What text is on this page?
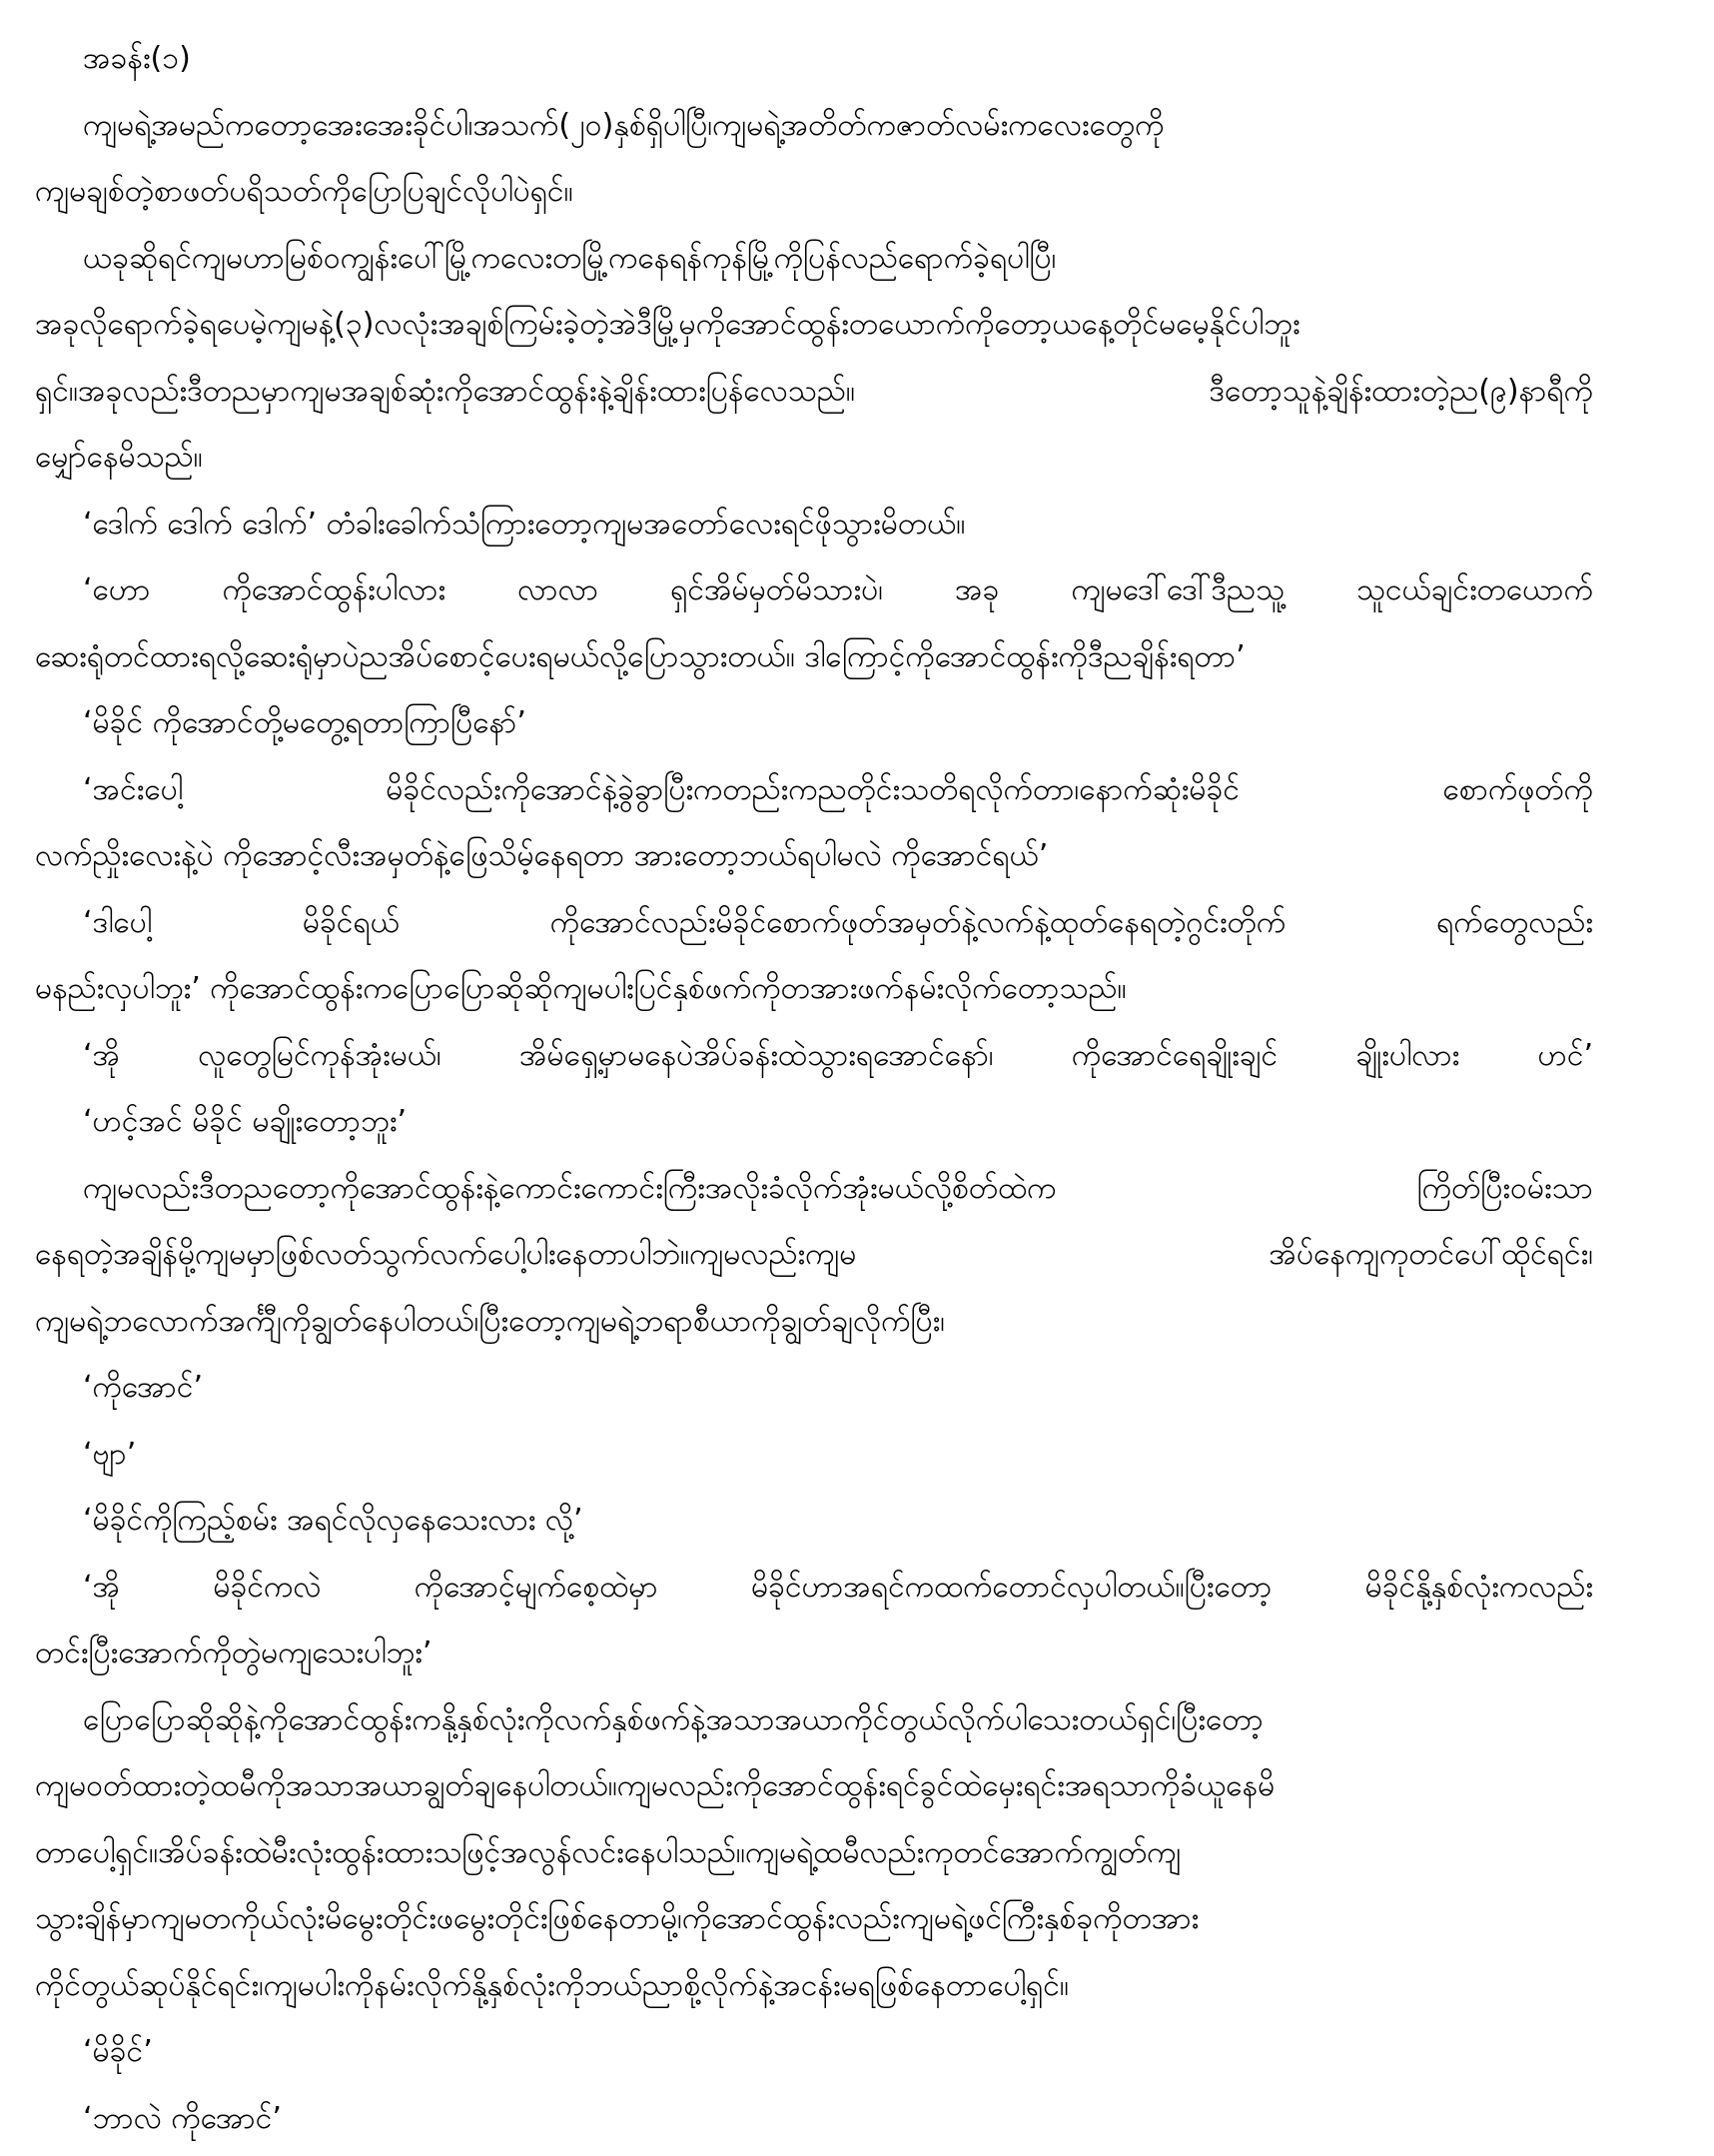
အခန်း(၁)
ကျမရဲ့အမည်ကတော့အေးအေးခိုင်ပါ၊အသက်(၂၀)နှစ်ရှိပါပြီ၊ကျမရဲ့အတိတ်ကဇာတ်လမ်းကလေးတွေကို
ကျမချစ်တဲ့စာဖတ်ပရိသတ်ကိုပြောပြချင်လိုပါပဲရှင်။
ယခုဆိုရင်ကျမဟာမြစ်ဝကျွန်းပေါ်မြို့ကလေးတမြို့ကနေရန်ကုန်မြို့ကိုပြန်လည်ရောက်ခဲ့ရပါပြီ၊
အခုလိုရောက်ခဲ့ရပေမဲ့ကျမနဲ့(၃)လလုံးအချစ်ကြမ်းခဲ့တဲ့အဲဒီမြို့မှကိုအောင်ထွန်းတယောက်ကိုတော့ယနေ့တိုင်မမေ့နိုင်ပါဘူး
ရှင်။အခုလည်းဒီတညမှာကျမအချစ်ဆုံးကိုအောင်ထွန်းနဲ့ချိန်းထားပြန်လေသည်။ ဒီတော့သူနဲ့ချိန်းထားတဲ့ည(၉)နာရီကို
မျှော်နေမိသည်။
‘ဒေါက် ဒေါက် ဒေါက်’ တံခါးခေါက်သံကြားတော့ကျမအတော်လေးရင်ဖိုသွားမိတယ်။
‘ဟော ကိုအောင်ထွန်းပါလား လာလာ ရှင်အိမ်မှတ်မိသားပဲ၊ အခု ကျမဒေါ်ဒေါ်ဒီညသူ့ သူငယ်ချင်းတယောက်
ဆေးရုံတင်ထားရလို့ဆေးရုံမှာပဲညအိပ်စောင့်ပေးရမယ်လို့ပြောသွားတယ်။ ဒါကြောင့်ကိုအောင်ထွန်းကိုဒီညချိန်းရတာ’
‘မိခိုင် ကိုအောင်တို့မတွေ့ရတာကြာပြီနော်’
‘အင်းပေါ့ မိခိုင်လည်းကိုအောင်နဲ့ခွဲခွာပြီးကတည်းကညတိုင်းသတိရလိုက်တာ၊နောက်ဆုံးမိခိုင် စောက်ဖုတ်ကို
လက်ညှိုးလေးနဲ့ပဲ ကိုအောင့်လီးအမှတ်နဲ့ဖြေသိမ့်နေရတာ အားတော့ဘယ်ရပါမလဲ ကိုအောင်ရယ်’
‘ဒါပေါ့ မိခိုင်ရယ် ကိုအောင်လည်းမိခိုင်စောက်ဖုတ်အမှတ်နဲ့လက်နဲ့ထုတ်နေရတဲ့ဂွင်းတိုက် ရက်တွေလည်း
မနည်းလှပါဘူး’ ကိုအောင်ထွန်းကပြောပြောဆိုဆိုကျမပါးပြင်နှစ်ဖက်ကိုတအားဖက်နမ်းလိုက်တော့သည်။
‘အို လူတွေမြင်ကုန်အုံးမယ်၊ အိမ်ရှေ့မှာမနေပဲအိပ်ခန်းထဲသွားရအောင်နော်၊ ကိုအောင်ရေချိုးချင် ချိုးပါလား ဟင်’
‘ဟင့်အင် မိခိုင် မချိုးတော့ဘူး’
ကျမလည်းဒီတညတော့ကိုအောင်ထွန်းနဲ့ကောင်းကောင်းကြီးအလိုးခံလိုက်အုံးမယ်လို့စိတ်ထဲက ကြိတ်ပြီးဝမ်းသာ
နေရတဲ့အချိန်မို့ကျမမှာဖြစ်လတ်သွက်လက်ပေါ့ပါးနေတာပါဘဲ။ကျမလည်းကျမ အိပ်နေကျကုတင်ပေါ်ထိုင်ရင်း၊
ကျမရဲ့ဘလောက်အင်္ကျီကိုချွတ်နေပါတယ်၊ပြီးတော့ကျမရဲ့ဘရာစီယာကိုချွတ်ချလိုက်ပြီး၊
‘ကိုအောင်’
‘ဗျာ’
‘မိခိုင်ကိုကြည့်စမ်း အရင်လိုလှနေသေးလား လို့’
‘အို မိခိုင်ကလဲ ကိုအောင့်မျက်စေ့ထဲမှာ မိခိုင်ဟာအရင်ကထက်တောင်လှပါတယ်။ပြီးတော့ မိခိုင်နို့နှစ်လုံးကလည်း
တင်းပြီးအောက်ကိုတွဲမကျသေးပါဘူး’
ပြောပြောဆိုဆိုနဲ့ကိုအောင်ထွန်းကနို့နှစ်လုံးကိုလက်နှစ်ဖက်နဲ့အသာအယာကိုင်တွယ်လိုက်ပါသေးတယ်ရှင်၊ပြီးတော့
ကျမဝတ်ထားတဲ့ထမီကိုအသာအယာချွတ်ချနေပါတယ်။ကျမလည်းကိုအောင်ထွန်းရင်ခွင်ထဲမှေးရင်းအရသာကိုခံယူနေမိ
တာပေါ့ရှင်။အိပ်ခန်းထဲမီးလုံးထွန်းထားသဖြင့်အလွန်လင်းနေပါသည်။ကျမရဲ့ထမီလည်းကုတင်အောက်ကျွတ်ကျ
သွားချိန်မှာကျမတကိုယ်လုံးမိမွေးတိုင်းဖမွေးတိုင်းဖြစ်နေတာမို့၊ကိုအောင်ထွန်းလည်းကျမရဲ့ဖင်ကြီးနှစ်ခုကိုတအား
ကိုင်တွယ်ဆုပ်နိုင်ရင်း၊ကျမပါးကိုနမ်းလိုက်နို့နှစ်လုံးကိုဘယ်ညာစို့လိုက်နဲ့အငန်းမရဖြစ်နေတာပေါ့ရှင်။
‘မိခိုင်’
‘ဘာလဲ ကိုအောင်’
